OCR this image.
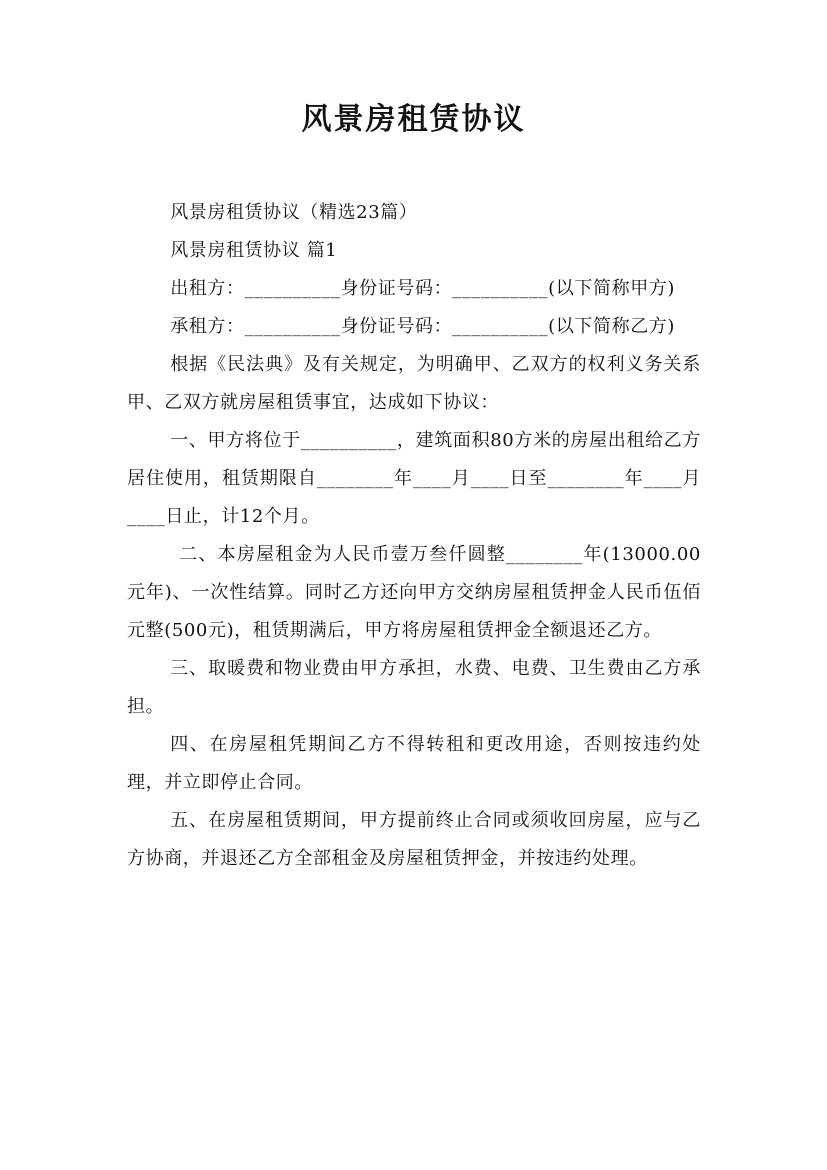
风景房租赁协议

风景房租赁协议（精选23篇）

风景房租赁协议 篇1

出租方：__________身份证号码：__________(以下简称甲方)

承租方：__________身份证号码：__________(以下简称乙方)

根据《民法典》及有关规定，为明确甲、乙双方的权利义务关系甲、乙双方就房屋租赁事宜，达成如下协议：

一、甲方将位于__________，建筑面积80方米的房屋出租给乙方居住使用，租赁期限自________年____月____日至________年____月____日止，计12个月。

二、本房屋租金为人民币壹万叁仟圆整________年(13000.00元年)、一次性结算。同时乙方还向甲方交纳房屋租赁押金人民币伍佰元整(500元)，租赁期满后，甲方将房屋租赁押金全额退还乙方。

三、取暖费和物业费由甲方承担，水费、电费、卫生费由乙方承担。

四、在房屋租凭期间乙方不得转租和更改用途，否则按违约处理，并立即停止合同。

五、在房屋租赁期间，甲方提前终止合同或须收回房屋，应与乙方协商，并退还乙方全部租金及房屋租赁押金，并按违约处理。
